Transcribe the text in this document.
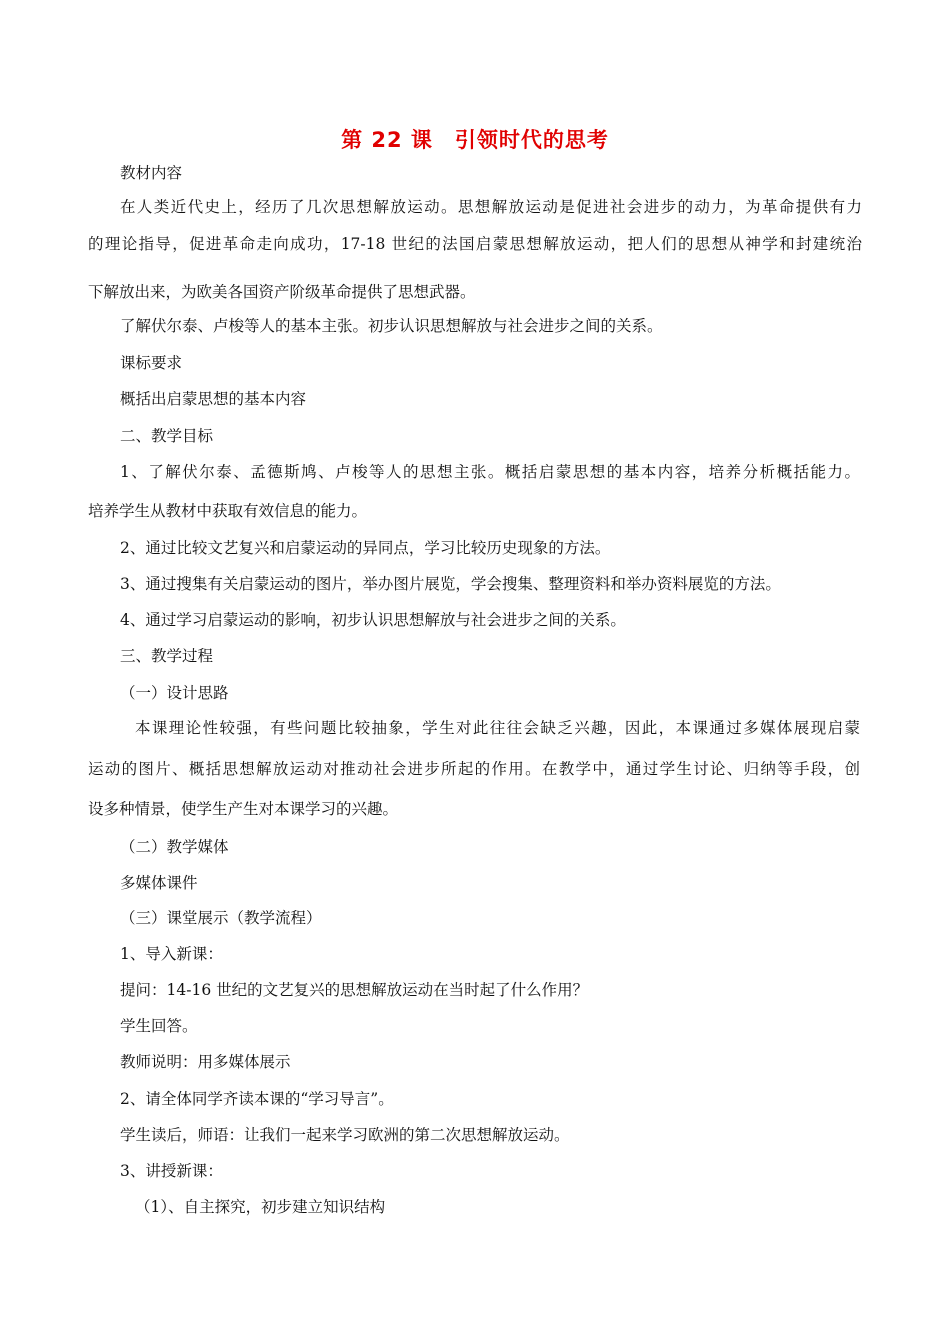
第 22 课　引领时代的思考
教材内容
在人类近代史上，经历了几次思想解放运动。思想解放运动是促进社会进步的动力，为革命提供有力
的理论指导，促进革命走向成功，17-18 世纪的法国启蒙思想解放运动，把人们的思想从神学和封建统治
下解放出来，为欧美各国资产阶级革命提供了思想武器。
了解伏尔泰、卢梭等人的基本主张。初步认识思想解放与社会进步之间的关系。
课标要求
概括出启蒙思想的基本内容
二、教学目标
1、了解伏尔泰、孟德斯鸠、卢梭等人的思想主张。概括启蒙思想的基本内容，培养分析概括能力。
培养学生从教材中获取有效信息的能力。
2、通过比较文艺复兴和启蒙运动的异同点，学习比较历史现象的方法。
3、通过搜集有关启蒙运动的图片，举办图片展览，学会搜集、整理资料和举办资料展览的方法。
4、通过学习启蒙运动的影响，初步认识思想解放与社会进步之间的关系。
三、教学过程
（一）设计思路
本课理论性较强，有些问题比较抽象，学生对此往往会缺乏兴趣，因此，本课通过多媒体展现启蒙
运动的图片、概括思想解放运动对推动社会进步所起的作用。在教学中，通过学生讨论、归纳等手段，创
设多种情景，使学生产生对本课学习的兴趣。
（二）教学媒体
多媒体课件
（三）课堂展示（教学流程）
1、导入新课：
提问：14-16 世纪的文艺复兴的思想解放运动在当时起了什么作用？
学生回答。
教师说明：用多媒体展示
2、请全体同学齐读本课的“学习导言”。
学生读后，师语：让我们一起来学习欧洲的第二次思想解放运动。
3、讲授新课：
（1）、自主探究，初步建立知识结构
